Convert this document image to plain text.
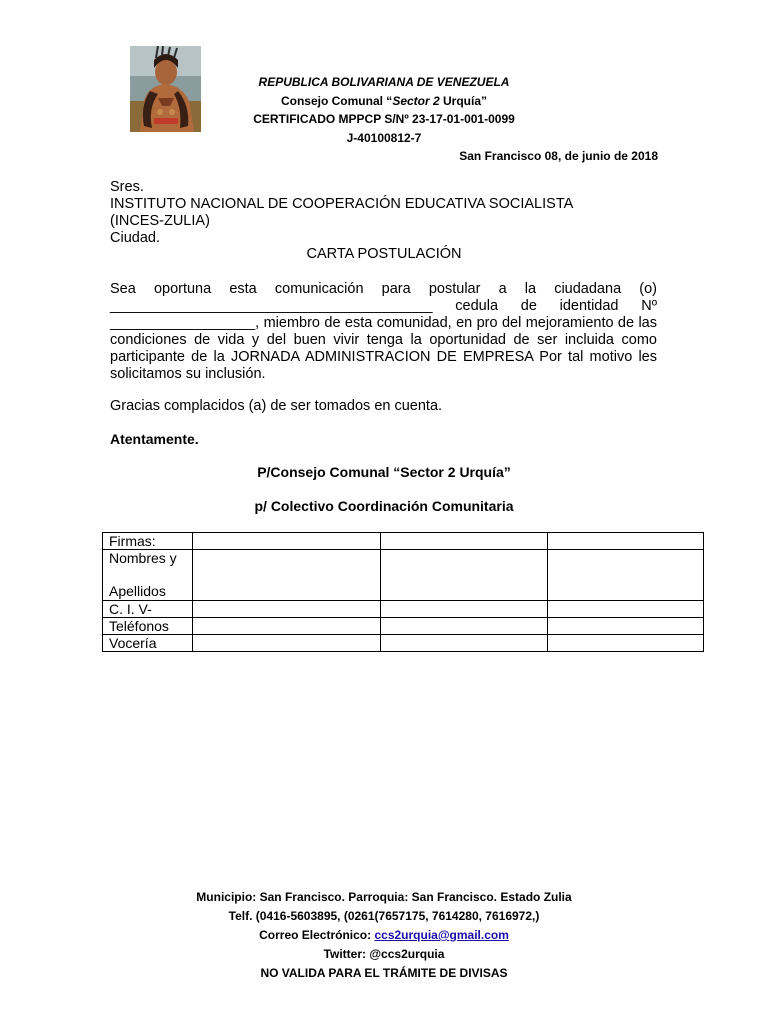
REPUBLICA BOLIVARIANA DE VENEZUELA
Consejo Comunal “Sector 2 Urquía”
CERTIFICADO MPPCP S/Nº 23-17-01-001-0099
J-40100812-7
San Francisco 08, de junio de 2018
Sres.
INSTITUTO NACIONAL DE COOPERACIÓN EDUCATIVA SOCIALISTA
(INCES-ZULIA)
Ciudad.
CARTA POSTULACIÓN
Sea oportuna esta comunicación para postular a la ciudadana (o) ________________________________________ cedula de identidad Nº __________________, miembro de esta comunidad, en pro del mejoramiento de las condiciones de vida y del buen vivir tenga la oportunidad de ser incluida como participante de la JORNADA ADMINISTRACION DE EMPRESA Por tal motivo les solicitamos su inclusión.
Gracias complacidos (a) de ser tomados en cuenta.
Atentamente.
P/Consejo Comunal “Sector 2 Urquía”
p/ Colectivo Coordinación Comunitaria
Firmas:			

Nombres y
Apellidos			

C. I. V-			
Teléfonos			
Vocería			
Municipio: San Francisco. Parroquia: San Francisco. Estado Zulia
Telf. (0416-5603895, (0261(7657175, 7614280, 7616972,)
Correo Electrónico: ccs2urquia@gmail.com
Twitter: @ccs2urquia
NO VALIDA PARA EL TRÁMITE DE DIVISAS
